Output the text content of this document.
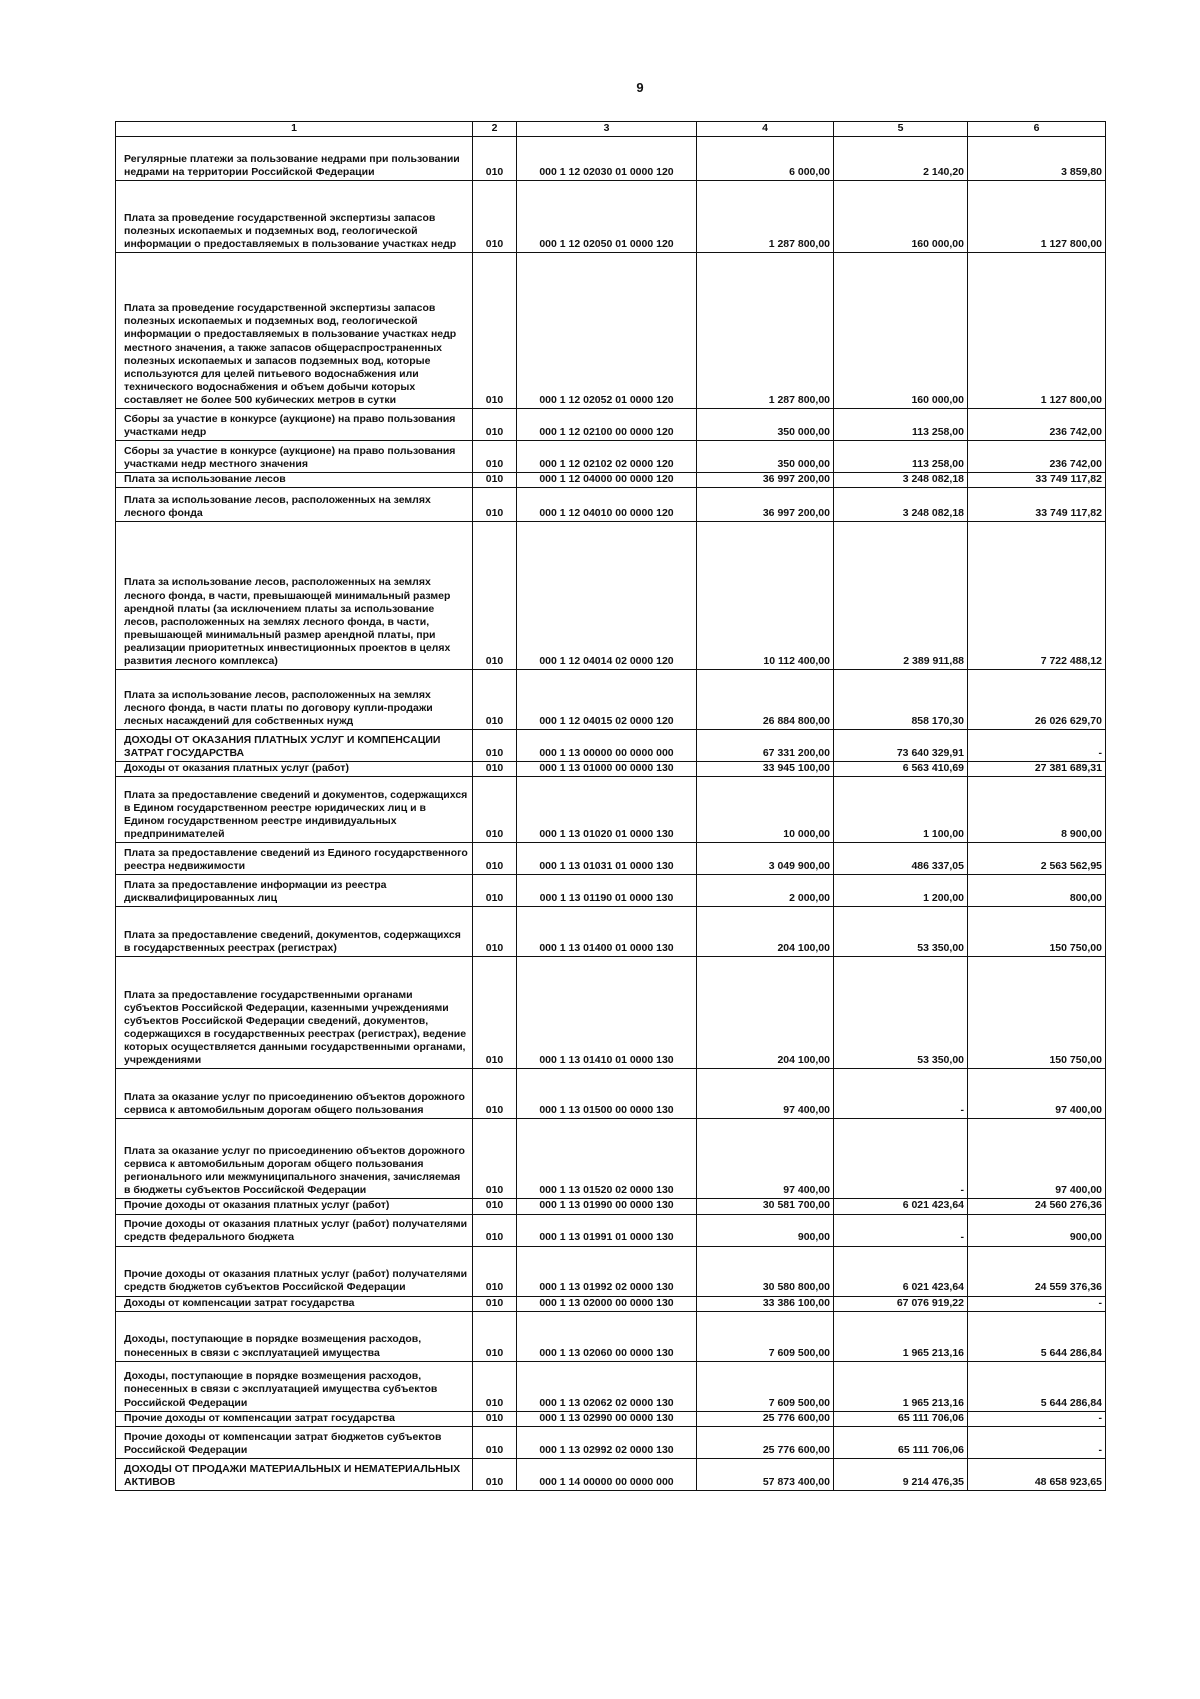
9
1	2	3	4	5	6
Регулярные платежи за пользование недрами при пользовании недрами на территории Российской Федерации	010	000 1 12 02030 01 0000 120	6 000,00	2 140,20	3 859,80
Плата за проведение государственной экспертизы запасов полезных ископаемых и подземных вод, геологической информации о предоставляемых в пользование участках недр	010	000 1 12 02050 01 0000 120	1 287 800,00	160 000,00	1 127 800,00
Плата за проведение государственной экспертизы запасов полезных ископаемых и подземных вод, геологической информации о предоставляемых в пользование участках недр местного значения, а также запасов общераспространенных полезных ископаемых и запасов подземных вод, которые используются для целей питьевого водоснабжения или технического водоснабжения и объем добычи которых составляет не более 500 кубических метров в сутки	010	000 1 12 02052 01 0000 120	1 287 800,00	160 000,00	1 127 800,00
Сборы за участие в конкурсе (аукционе) на право пользования участками недр	010	000 1 12 02100 00 0000 120	350 000,00	113 258,00	236 742,00
Сборы за участие в конкурсе (аукционе) на право пользования участками недр местного значения	010	000 1 12 02102 02 0000 120	350 000,00	113 258,00	236 742,00
Плата за использование лесов	010	000 1 12 04000 00 0000 120	36 997 200,00	3 248 082,18	33 749 117,82
Плата за использование лесов, расположенных на землях лесного фонда	010	000 1 12 04010 00 0000 120	36 997 200,00	3 248 082,18	33 749 117,82
Плата за использование лесов, расположенных на землях лесного фонда, в части, превышающей минимальный размер арендной платы (за исключением платы за использование лесов, расположенных на землях лесного фонда, в части, превышающей минимальный размер арендной платы, при реализации приоритетных инвестиционных проектов в целях развития лесного комплекса)	010	000 1 12 04014 02 0000 120	10 112 400,00	2 389 911,88	7 722 488,12
Плата за использование лесов, расположенных на землях лесного фонда, в части платы по договору купли-продажи лесных насаждений для собственных нужд	010	000 1 12 04015 02 0000 120	26 884 800,00	858 170,30	26 026 629,70
ДОХОДЫ ОТ ОКАЗАНИЯ ПЛАТНЫХ УСЛУГ И КОМПЕНСАЦИИ ЗАТРАТ ГОСУДАРСТВА	010	000 1 13 00000 00 0000 000	67 331 200,00	73 640 329,91	-
Доходы от оказания платных услуг (работ)	010	000 1 13 01000 00 0000 130	33 945 100,00	6 563 410,69	27 381 689,31
Плата за предоставление сведений и документов, содержащихся в Едином государственном реестре юридических лиц и в Едином государственном реестре индивидуальных предпринимателей	010	000 1 13 01020 01 0000 130	10 000,00	1 100,00	8 900,00
Плата за предоставление сведений из Единого государственного реестра недвижимости	010	000 1 13 01031 01 0000 130	3 049 900,00	486 337,05	2 563 562,95
Плата за предоставление информации из реестра дисквалифицированных лиц	010	000 1 13 01190 01 0000 130	2 000,00	1 200,00	800,00
Плата за предоставление сведений, документов, содержащихся в государственных реестрах (регистрах)	010	000 1 13 01400 01 0000 130	204 100,00	53 350,00	150 750,00
Плата за предоставление государственными органами субъектов Российской Федерации, казенными учреждениями субъектов Российской Федерации сведений, документов, содержащихся в государственных реестрах (регистрах), ведение которых осуществляется данными государственными органами, учреждениями	010	000 1 13 01410 01 0000 130	204 100,00	53 350,00	150 750,00
Плата за оказание услуг по присоединению объектов дорожного сервиса к автомобильным дорогам общего пользования	010	000 1 13 01500 00 0000 130	97 400,00	-	97 400,00
Плата за оказание услуг по присоединению объектов дорожного сервиса к автомобильным дорогам общего пользования регионального или межмуниципального значения, зачисляемая в бюджеты субъектов Российской Федерации	010	000 1 13 01520 02 0000 130	97 400,00	-	97 400,00
Прочие доходы от оказания платных услуг (работ)	010	000 1 13 01990 00 0000 130	30 581 700,00	6 021 423,64	24 560 276,36
Прочие доходы от оказания платных услуг (работ) получателями средств федерального бюджета	010	000 1 13 01991 01 0000 130	900,00	-	900,00
Прочие доходы от оказания платных услуг (работ) получателями средств бюджетов субъектов Российской Федерации	010	000 1 13 01992 02 0000 130	30 580 800,00	6 021 423,64	24 559 376,36
Доходы от компенсации затрат государства	010	000 1 13 02000 00 0000 130	33 386 100,00	67 076 919,22	-
Доходы, поступающие в порядке возмещения расходов, понесенных в связи с эксплуатацией имущества	010	000 1 13 02060 00 0000 130	7 609 500,00	1 965 213,16	5 644 286,84
Доходы, поступающие в порядке возмещения расходов, понесенных в связи с эксплуатацией имущества субъектов Российской Федерации	010	000 1 13 02062 02 0000 130	7 609 500,00	1 965 213,16	5 644 286,84
Прочие доходы от компенсации затрат государства	010	000 1 13 02990 00 0000 130	25 776 600,00	65 111 706,06	-
Прочие доходы от компенсации затрат бюджетов субъектов Российской Федерации	010	000 1 13 02992 02 0000 130	25 776 600,00	65 111 706,06	-
ДОХОДЫ ОТ ПРОДАЖИ МАТЕРИАЛЬНЫХ И НЕМАТЕРИАЛЬНЫХ АКТИВОВ	010	000 1 14 00000 00 0000 000	57 873 400,00	9 214 476,35	48 658 923,65
